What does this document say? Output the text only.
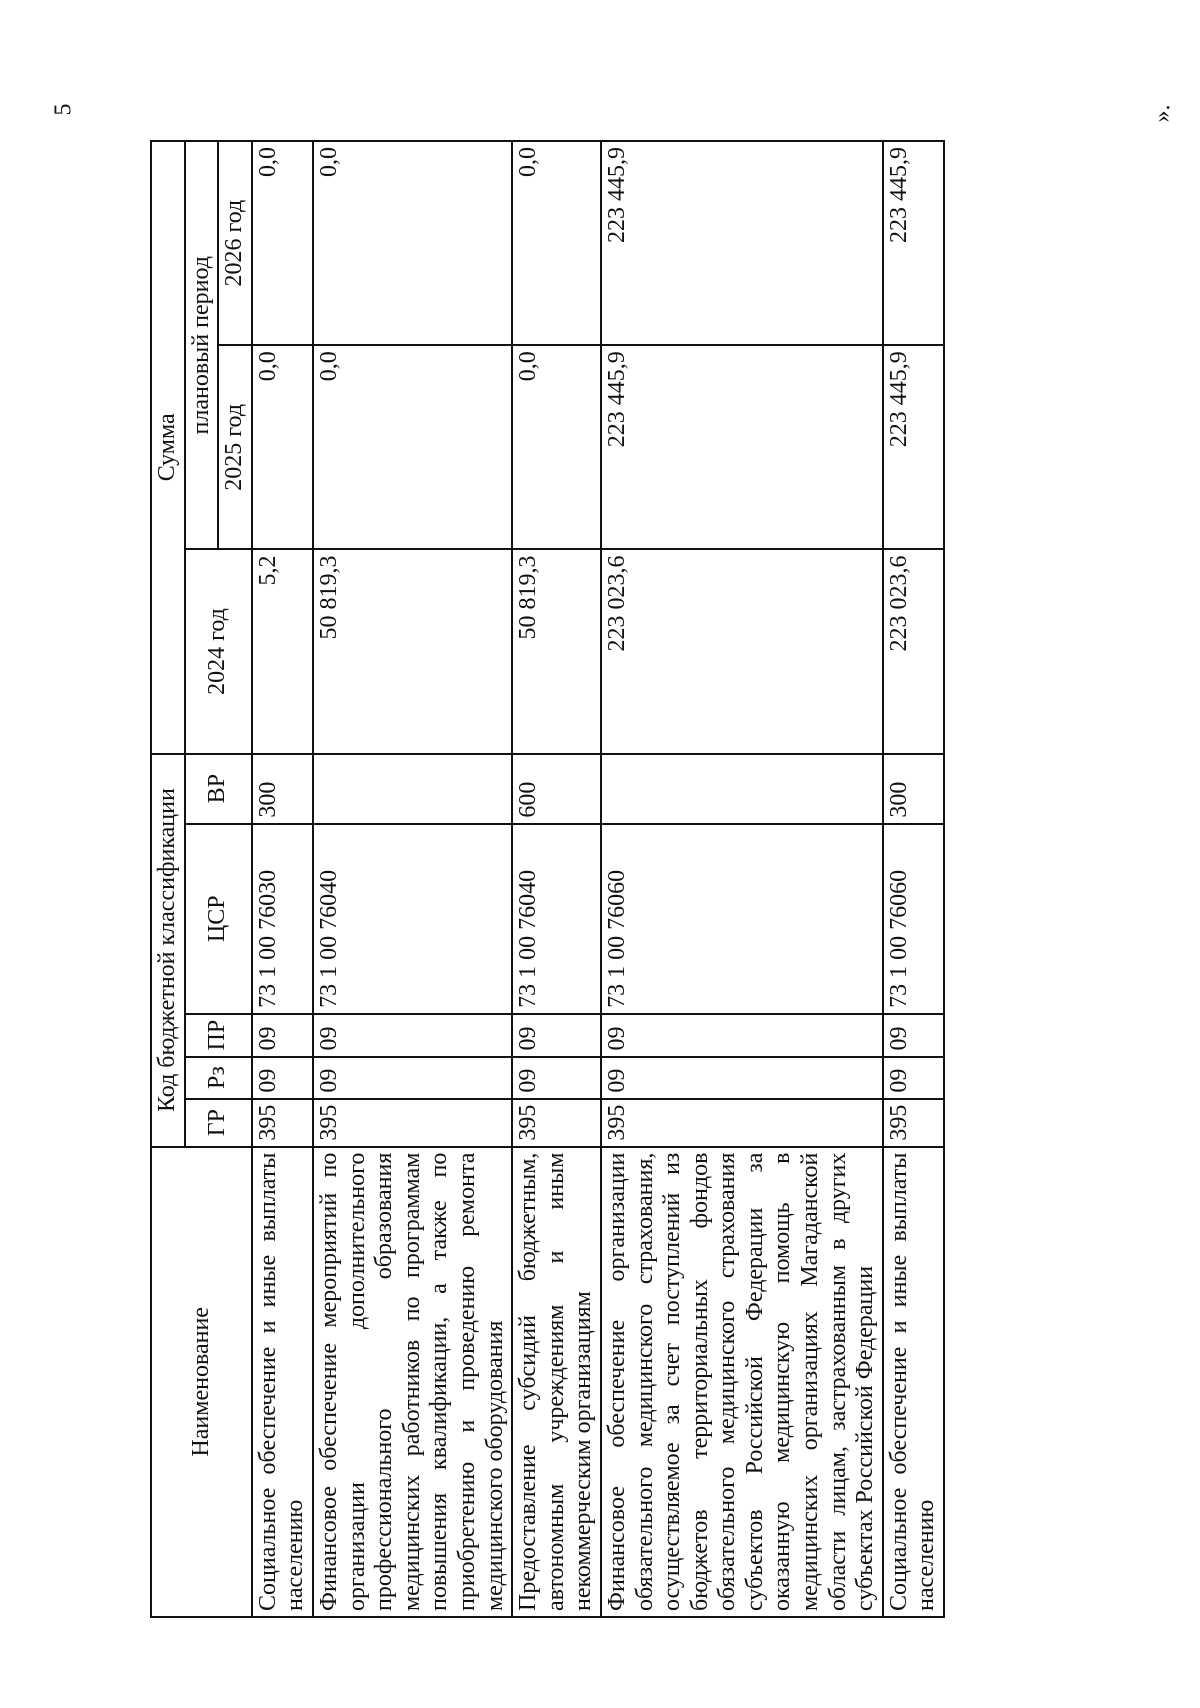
5
Наименование	Код бюджетной классификации					Сумма		
	ГР	Рз	ПР	ЦСР	ВР	2024 год	плановый период	
							2025 год	2026 год
Социальное обеспечение и иные выплаты населению	395	09	09	73 1 00 76030	300	5,2	0,0	0,0
Финансовое обеспечение мероприятий по организации дополнительного профессионального образования медицинских работников по программам повышения квалификации, а также по приобретению и проведению ремонта медицинского оборудования	395	09	09	73 1 00 76040		50 819,3	0,0	0,0
Предоставление субсидий бюджетным, автономным учреждениям и иным некоммерческим организациям	395	09	09	73 1 00 76040	600	50 819,3	0,0	0,0
Финансовое обеспечение организации обязательного медицинского страхования, осуществляемое за счет поступлений из бюджетов территориальных фондов обязательного медицинского страхования субъектов Российской Федерации за оказанную медицинскую помощь в медицинских организациях Магаданской области лицам, застрахованным в других субъектах Российской Федерации	395	09	09	73 1 00 76060		223 023,6	223 445,9	223 445,9
Социальное обеспечение и иные выплаты населению	395	09	09	73 1 00 76060	300	223 023,6	223 445,9	223 445,9
».
